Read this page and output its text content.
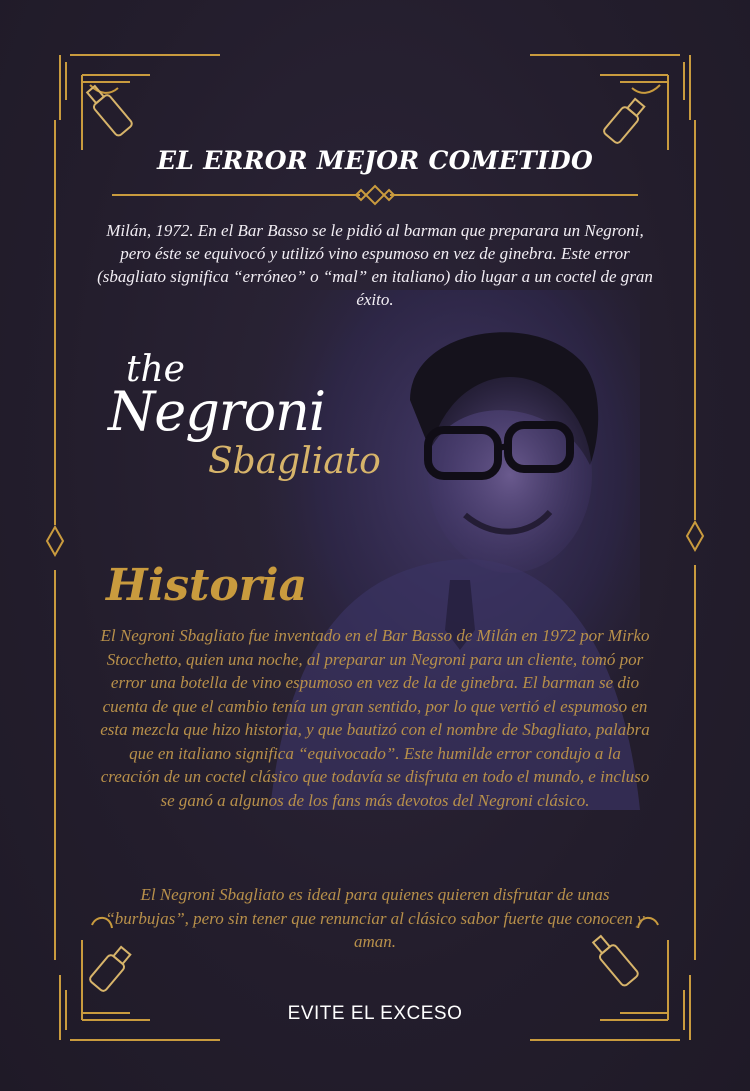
EL ERROR MEJOR COMETIDO
Milán, 1972. En el Bar Basso se le pidió al barman que preparara un Negroni, pero éste se equivocó y utilizó vino espumoso en vez de ginebra. Este error (sbagliato significa “erróneo” o “mal” en italiano) dio lugar a un coctel de gran éxito.
the
Negroni
Sbagliato
Historia
El Negroni Sbagliato fue inventado en el Bar Basso de Milán en 1972 por Mirko Stocchetto, quien una noche, al preparar un Negroni para un cliente, tomó por error una botella de vino espumoso en vez de la de ginebra. El barman se dio cuenta de que el cambio tenía un gran sentido, por lo que vertió el espumoso en esta mezcla que hizo historia, y que bautizó con el nombre de Sbagliato, palabra que en italiano significa “equivocado”. Este humilde error condujo a la creación de un coctel clásico que todavía se disfruta en todo el mundo, e incluso se ganó a algunos de los fans más devotos del Negroni clásico.
El Negroni Sbagliato es ideal para quienes quieren disfrutar de unas “burbujas”, pero sin tener que renunciar al clásico sabor fuerte que conocen y aman.
EVITE EL EXCESO
